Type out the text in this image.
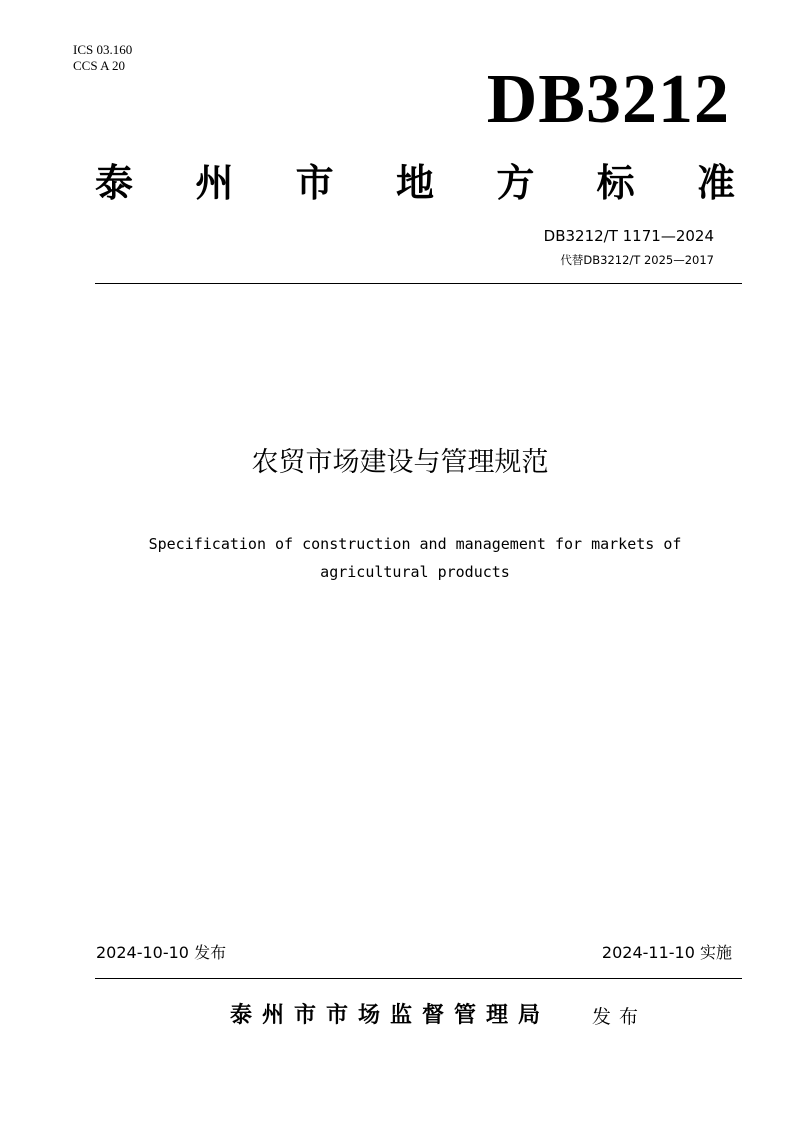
ICS 03.160
CCS A 20	DB3212
泰 州 市 地 方 标 准
DB3212/T 1171—2024
代替DB3212/T 2025—2017
农贸市场建设与管理规范
Specification of construction and management for markets of agricultural products
2024-10-10 发布	2024-11-10 实施
泰州市市场监督管理局 发布
